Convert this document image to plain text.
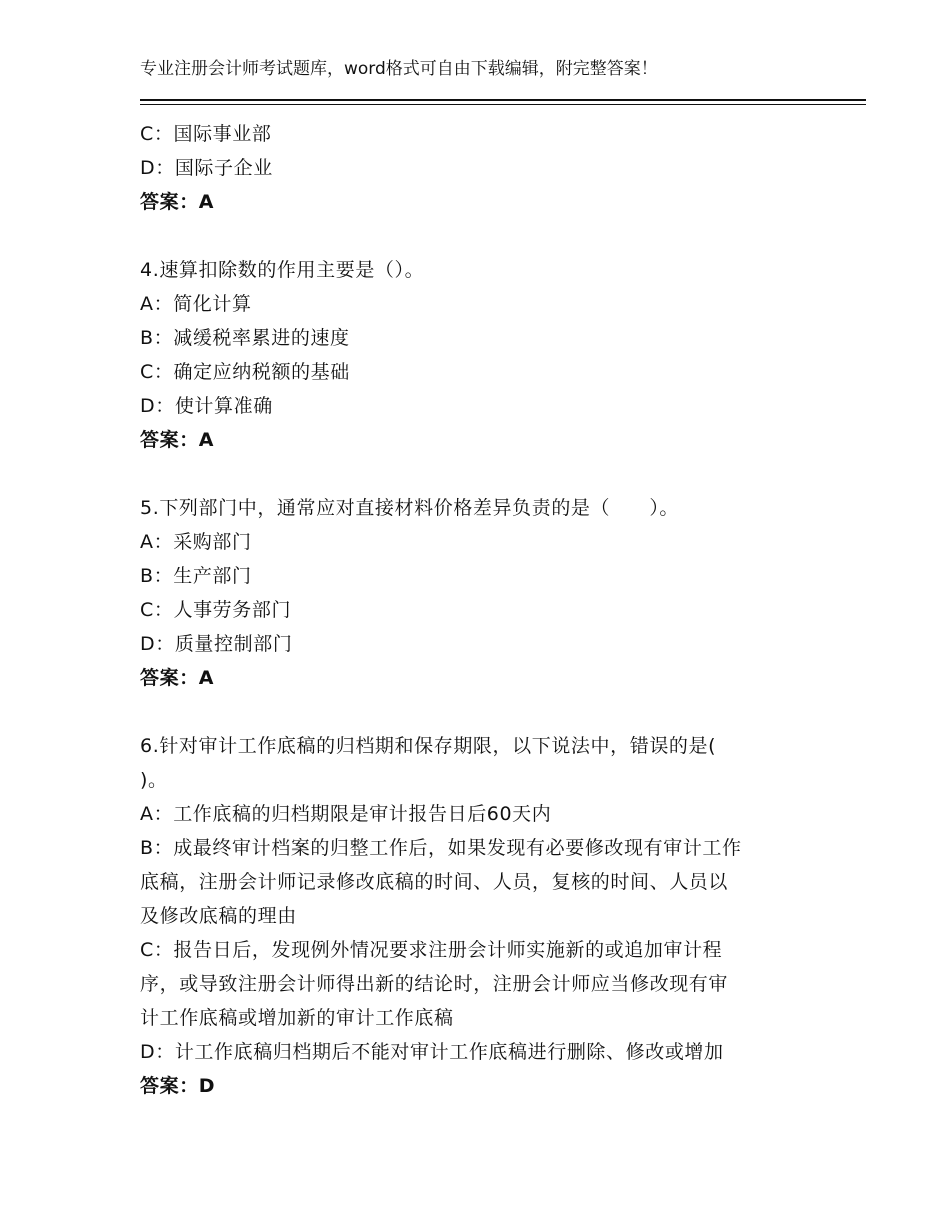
专业注册会计师考试题库，word格式可自由下载编辑，附完整答案！
C：国际事业部
D：国际子企业
答案：A
4.速算扣除数的作用主要是（）。
A：简化计算
B：减缓税率累进的速度
C：确定应纳税额的基础
D：使计算准确
答案：A
5.下列部门中，通常应对直接材料价格差异负责的是（　　）。
A：采购部门
B：生产部门
C：人事劳务部门
D：质量控制部门
答案：A
6.针对审计工作底稿的归档期和保存期限，以下说法中，错误的是(
)。
A：工作底稿的归档期限是审计报告日后60天内
B：成最终审计档案的归整工作后，如果发现有必要修改现有审计工作
底稿，注册会计师记录修改底稿的时间、人员，复核的时间、人员以
及修改底稿的理由
C：报告日后，发现例外情况要求注册会计师实施新的或追加审计程
序，或导致注册会计师得出新的结论时，注册会计师应当修改现有审
计工作底稿或增加新的审计工作底稿
D：计工作底稿归档期后不能对审计工作底稿进行删除、修改或增加
答案：D
